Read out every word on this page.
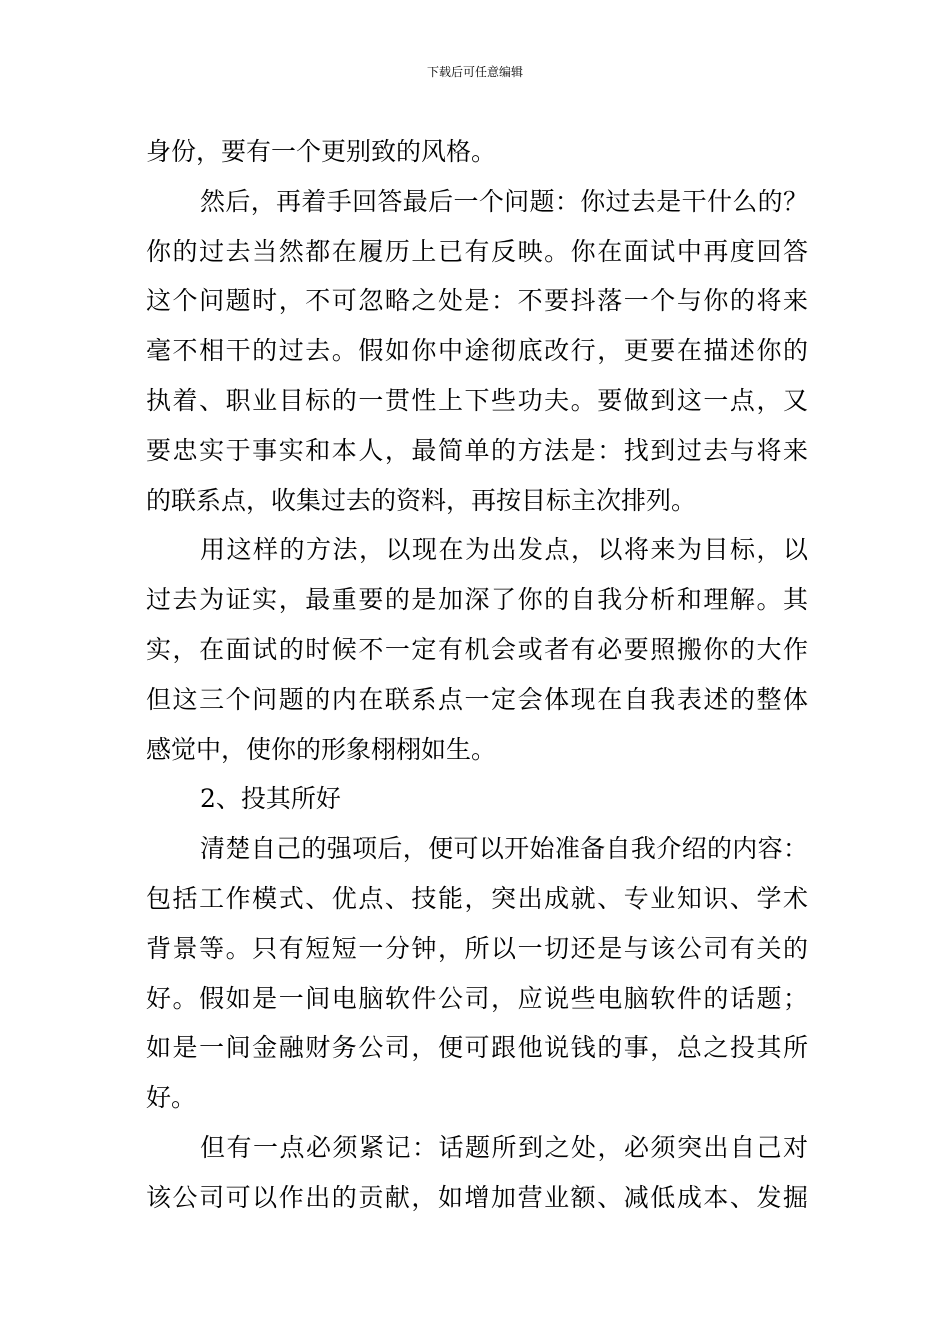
下载后可任意编辑
身份，要有一个更别致的风格。
然后，再着手回答最后一个问题：你过去是干什么的？
你的过去当然都在履历上已有反映。你在面试中再度回答
这个问题时，不可忽略之处是：不要抖落一个与你的将来
毫不相干的过去。假如你中途彻底改行，更要在描述你的
执着、职业目标的一贯性上下些功夫。要做到这一点，又
要忠实于事实和本人，最简单的方法是：找到过去与将来
的联系点，收集过去的资料，再按目标主次排列。
用这样的方法，以现在为出发点，以将来为目标，以
过去为证实，最重要的是加深了你的自我分析和理解。其
实，在面试的时候不一定有机会或者有必要照搬你的大作
但这三个问题的内在联系点一定会体现在自我表述的整体
感觉中，使你的形象栩栩如生。
2、投其所好
清楚自己的强项后，便可以开始准备自我介绍的内容：
包括工作模式、优点、技能，突出成就、专业知识、学术
背景等。只有短短一分钟，所以一切还是与该公司有关的
好。假如是一间电脑软件公司，应说些电脑软件的话题；
如是一间金融财务公司，便可跟他说钱的事，总之投其所
好。
但有一点必须紧记：话题所到之处，必须突出自己对
该公司可以作出的贡献，如增加营业额、减低成本、发掘
